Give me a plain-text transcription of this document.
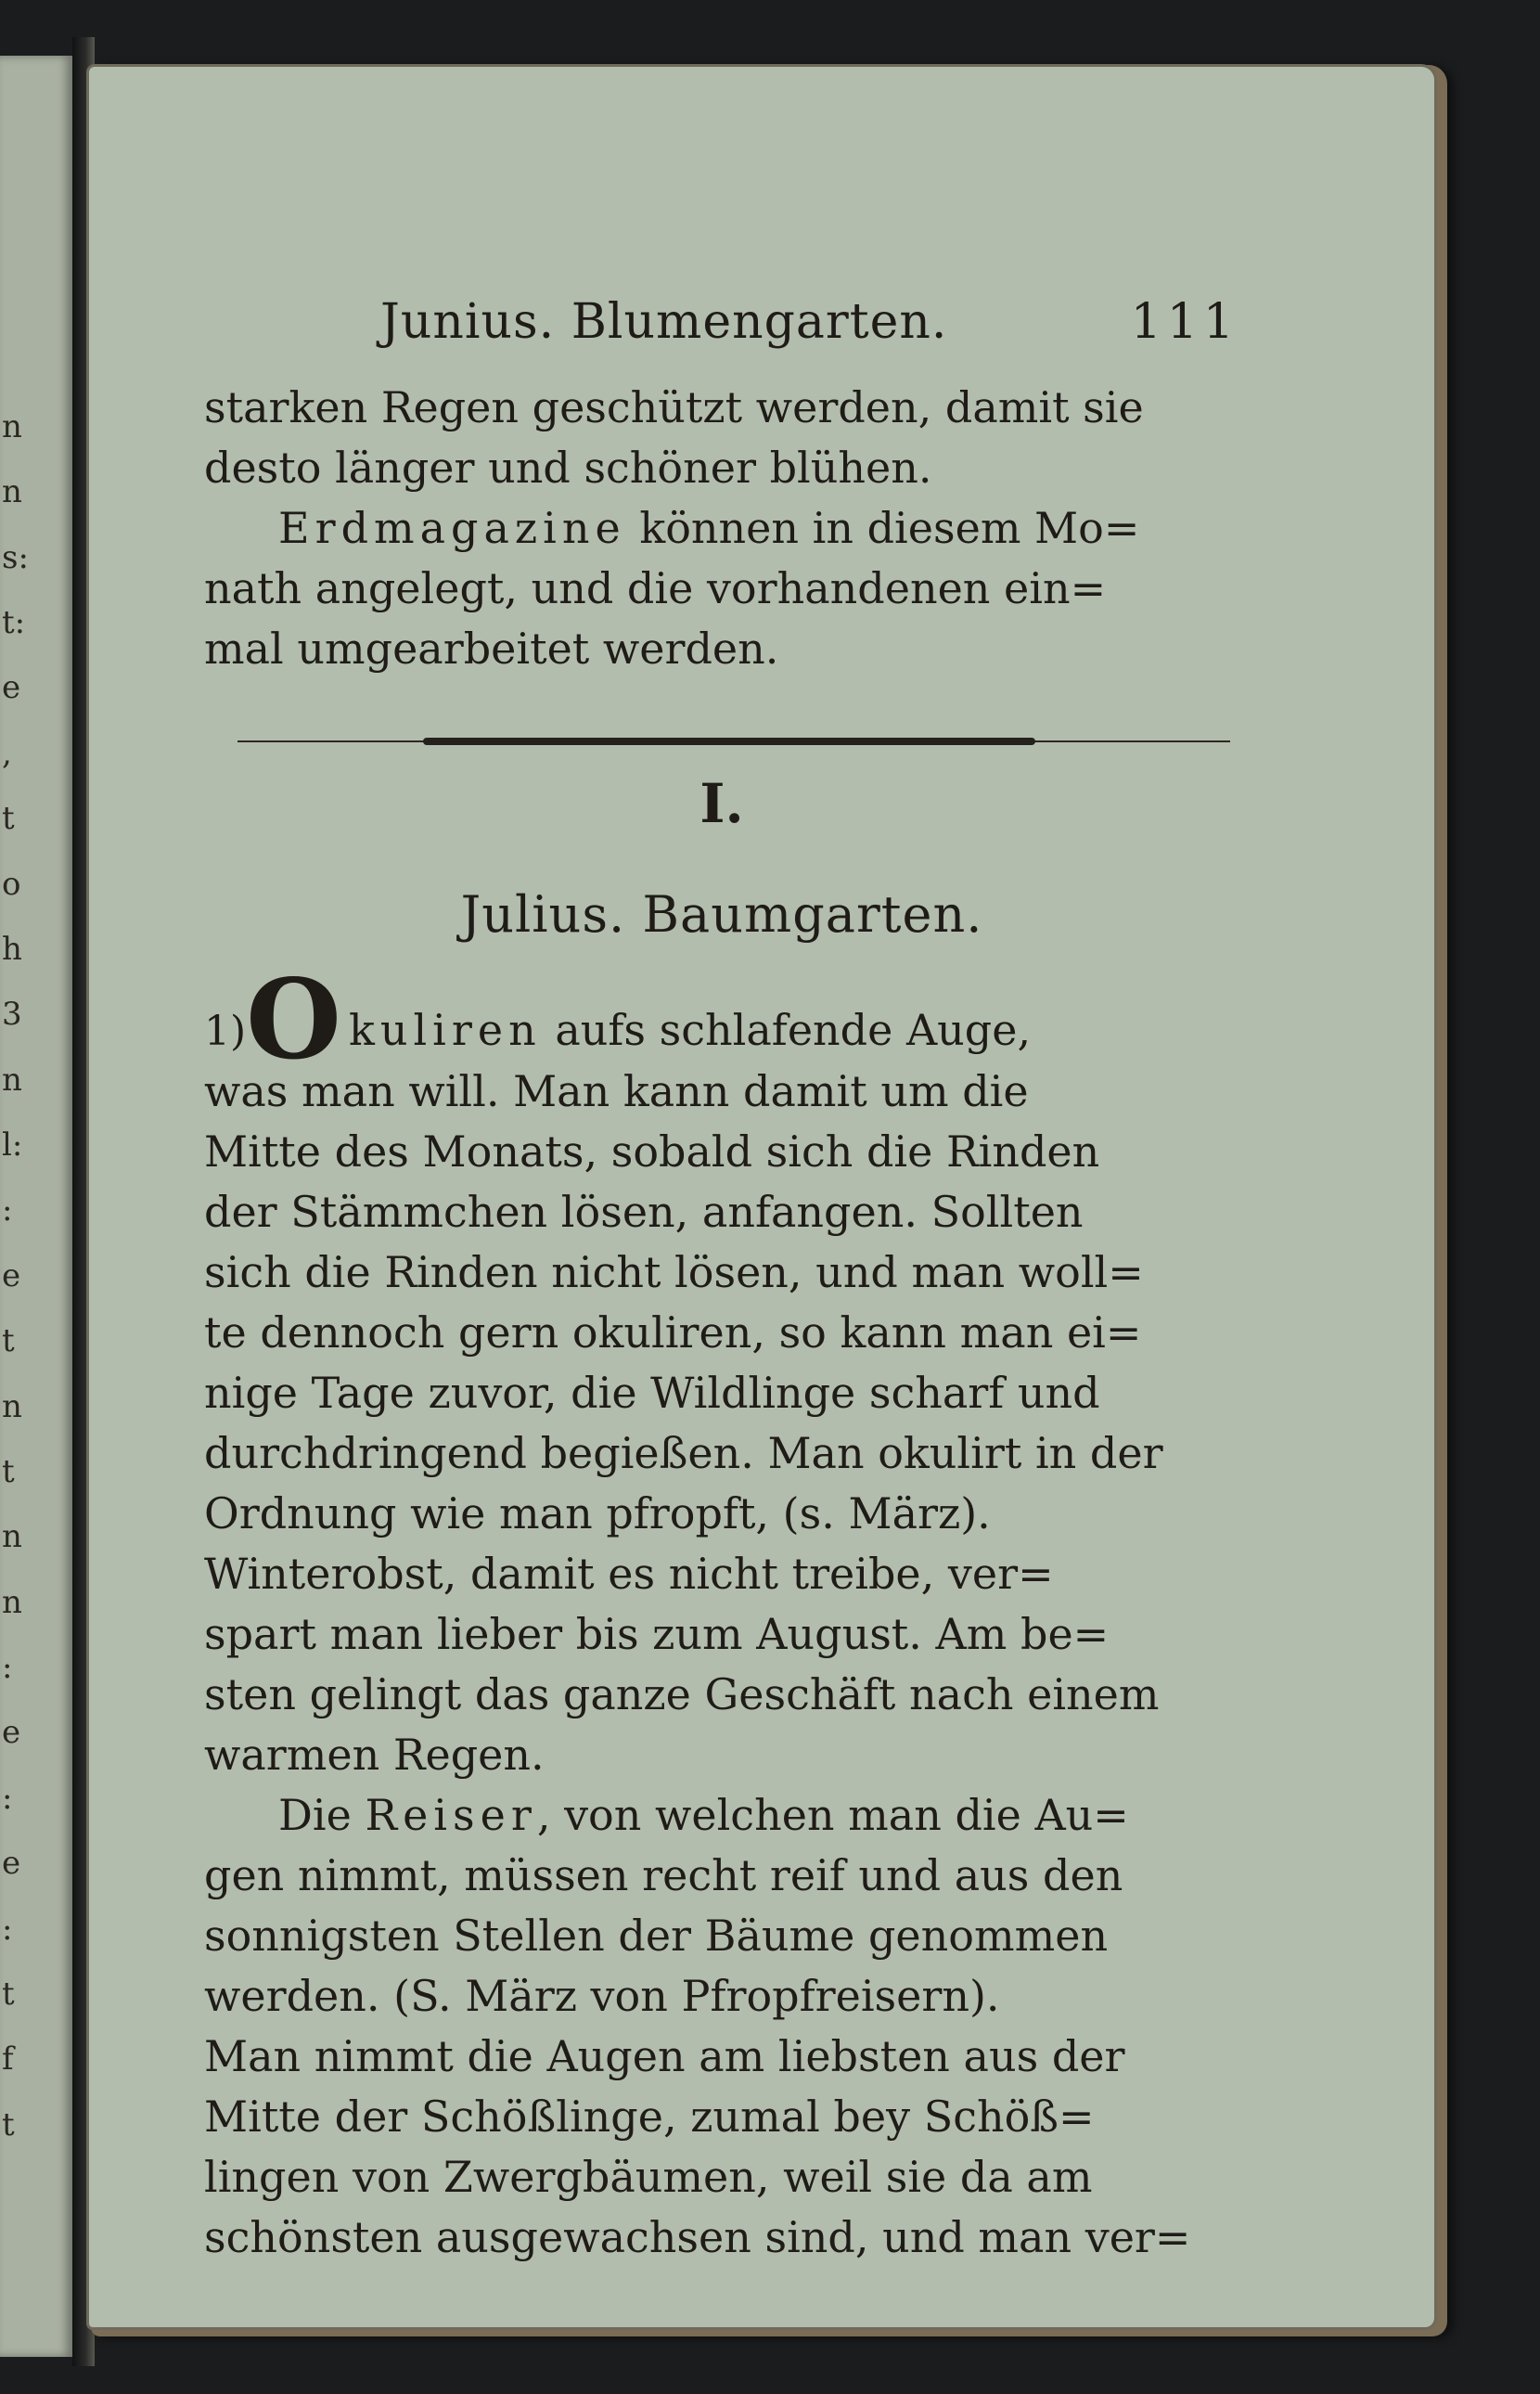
n
n
s:
t:
e
,
t
o
h
3
n
l:
:
e
t
n
t
n
n
:
e
:
e
:
t
f
t
Junius. Blumengarten.	111

starken Regen geschützt werden, damit sie
desto länger und schöner blühen.

Erdmagazine können in diesem Mo=
nath angelegt, und die vorhandenen ein=
mal umgearbeitet werden.

I.
Julius. Baumgarten.

1)O kuliren aufs schlafende Auge,
was man will. Man kann damit um die
Mitte des Monats, sobald sich die Rinden
der Stämmchen lösen, anfangen. Sollten
sich die Rinden nicht lösen, und man woll=
te dennoch gern okuliren, so kann man ei=
nige Tage zuvor, die Wildlinge scharf und
durchdringend begießen. Man okulirt in der
Ordnung wie man pfropft, (s. März).
Winterobst, damit es nicht treibe, ver=
spart man lieber bis zum August. Am be=
sten gelingt das ganze Geschäft nach einem
warmen Regen.

Die Reiser, von welchen man die Au=
gen nimmt, müssen recht reif und aus den
sonnigsten Stellen der Bäume genommen
werden. (S. März von Pfropfreisern).
Man nimmt die Augen am liebsten aus der
Mitte der Schößlinge, zumal bey Schöß=
lingen von Zwergbäumen, weil sie da am
schönsten ausgewachsen sind, und man ver=
